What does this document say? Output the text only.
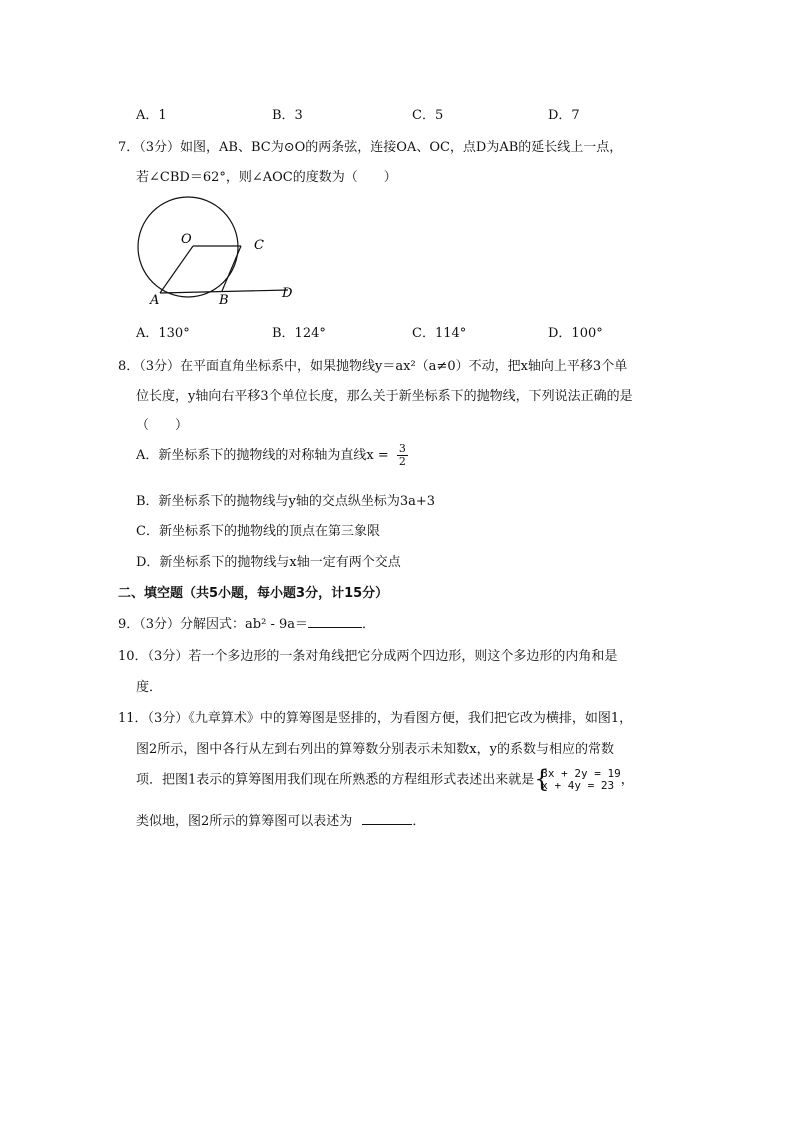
A．1	B．3	C．5	D．7
7．（3分）如图，AB、BC为⊙O的两条弦，连接OA、OC，点D为AB的延长线上一点，
若∠CBD＝62°，则∠AOC的度数为（　　）
O	C
A	B	D
A．130°	B．124°	C．114°	D．100°
8．（3分）在平面直角坐标系中，如果抛物线y＝ax²（a≠0）不动，把x轴向上平移3个单
位长度，y轴向右平移3个单位长度，那么关于新坐标系下的抛物线，下列说法正确的是
（　　）
A．新坐标系下的抛物线的对称轴为直线$x = \frac{3}{2}$
B．新坐标系下的抛物线与y轴的交点纵坐标为3a+3
C．新坐标系下的抛物线的顶点在第三象限
D．新坐标系下的抛物线与x轴一定有两个交点
二、填空题（共5小题，每小题3分，计15分）
9．（3分）分解因式：ab² - 9a＝	．
10．（3分）若一个多边形的一条对角线把它分成两个四边形，则这个多边形的内角和是
度．
11．（3分）《九章算术》中的算筹图是竖排的，为看图方便，我们把它改为横排，如图1，
图2所示，图中各行从左到右列出的算筹数分别表示未知数x，y的系数与相应的常数
项．把图1表示的算筹图用我们现在所熟悉的方程组形式表述出来就是 {
3x + 2y = 19
x + 4y = 23 ，
类似地，图2所示的算筹图可以表述为	．
